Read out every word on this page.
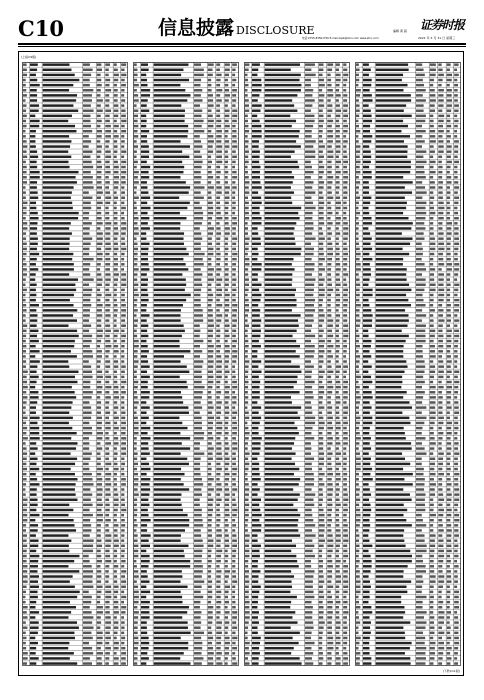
C10	信息披露 DISCLOSURE	编辑 黄 超
电话:0755-83501750 E-mail:zqsb@stcn.com www.stcn.com
证券时报
2021 年 3 月 31 日 星期三
(上接C9版)
(下转C11版)
